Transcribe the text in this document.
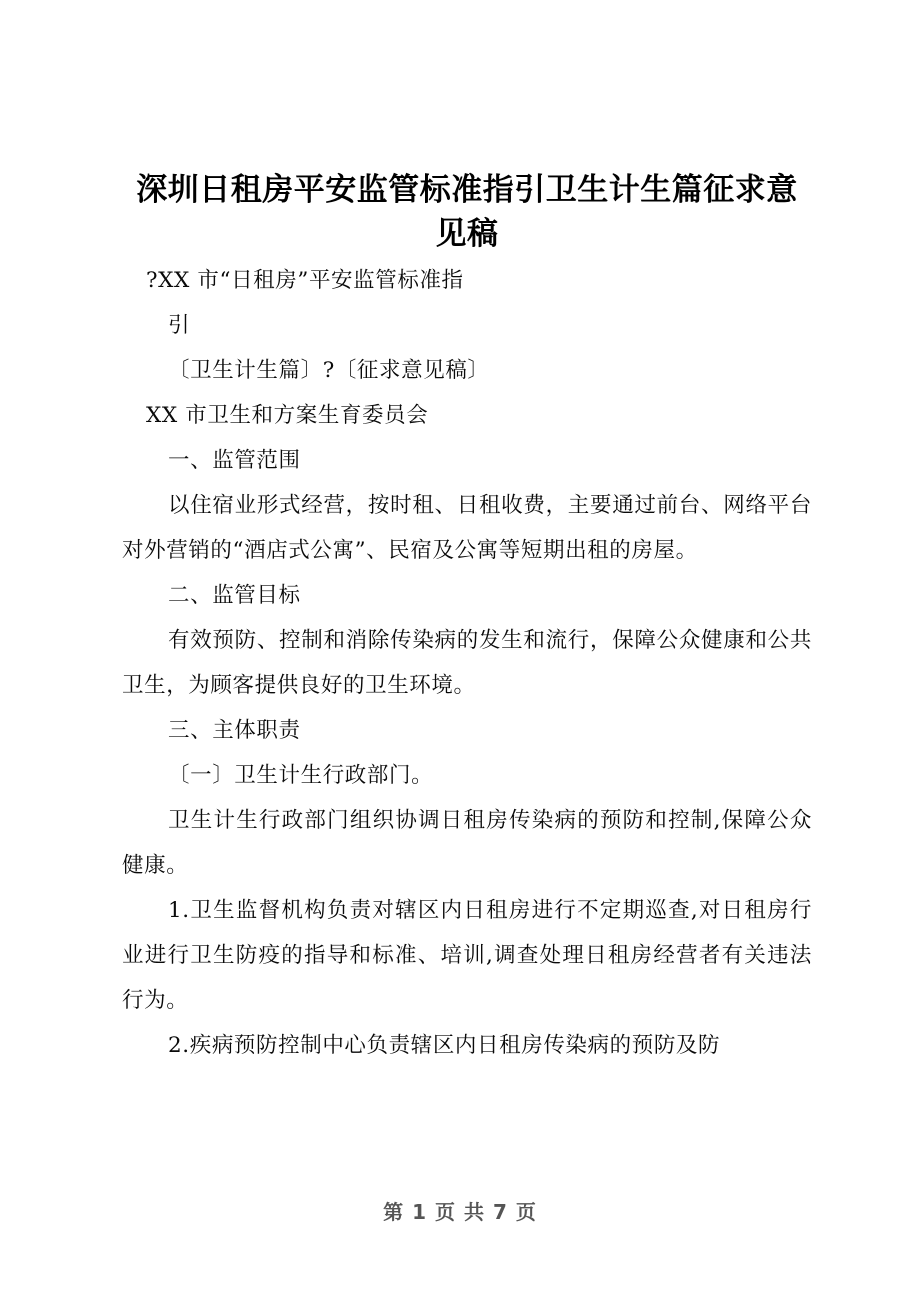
深圳日租房平安监管标准指引卫生计生篇征求意见稿

?XX 市“日租房”平安监管标准指

引

〔卫生计生篇〕?〔征求意见稿〕

XX 市卫生和方案生育委员会

一、监管范围

以住宿业形式经营，按时租、日租收费，主要通过前台、网络平台对外营销的“酒店式公寓”、民宿及公寓等短期出租的房屋。

二、监管目标

有效预防、控制和消除传染病的发生和流行，保障公众健康和公共卫生，为顾客提供良好的卫生环境。

三、主体职责

〔一〕卫生计生行政部门。

卫生计生行政部门组织协调日租房传染病的预防和控制,保障公众健康。

1.卫生监督机构负责对辖区内日租房进行不定期巡查,对日租房行业进行卫生防疫的指导和标准、培训,调查处理日租房经营者有关违法行为。

2.疾病预防控制中心负责辖区内日租房传染病的预防及防

第 1 页 共 7 页
